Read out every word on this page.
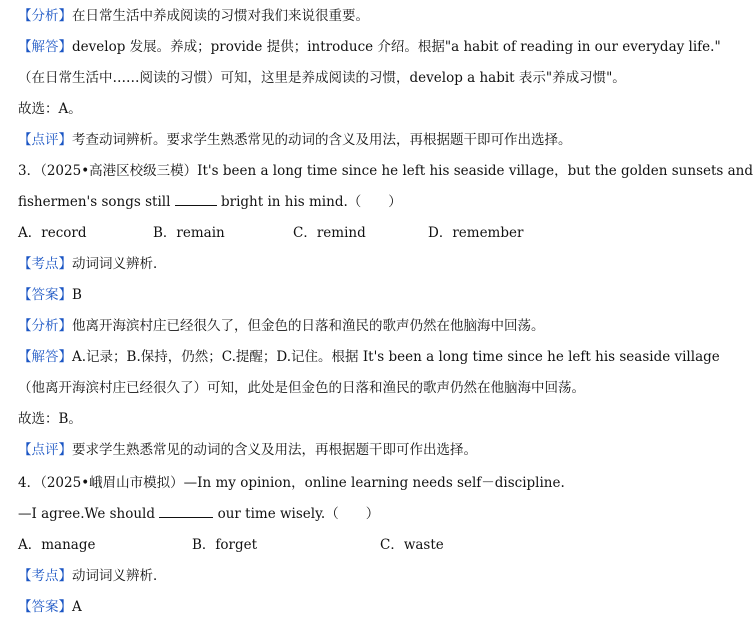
【分析】在日常生活中养成阅读的习惯对我们来说很重要。
【解答】develop 发展。养成；provide 提供；introduce 介绍。根据"a habit of reading in our everyday life."
（在日常生活中……阅读的习惯）可知，这里是养成阅读的习惯，develop a habit 表示"养成习惯"。
故选：A。
【点评】考查动词辨析。要求学生熟悉常见的动词的含义及用法，再根据题干即可作出选择。
3．（2025•高港区校级三模）It's been a long time since he left his seaside village，but the golden sunsets and
fishermen's songs still	bright in his mind.（　　）
A．record	B．remain	C．remind	D．remember
【考点】动词词义辨析．
【答案】B
【分析】他离开海滨村庄已经很久了，但金色的日落和渔民的歌声仍然在他脑海中回荡。
【解答】A.记录；B.保持，仍然；C.提醒；D.记住。根据 It's been a long time since he left his seaside village
（他离开海滨村庄已经很久了）可知，此处是但金色的日落和渔民的歌声仍然在他脑海中回荡。
故选：B。
【点评】要求学生熟悉常见的动词的含义及用法，再根据题干即可作出选择。
4．（2025•峨眉山市模拟）—In my opinion，online learning needs self－discipline.
—I agree.We should	our time wisely.（　　）
A．manage	B．forget	C．waste
【考点】动词词义辨析．
【答案】A
